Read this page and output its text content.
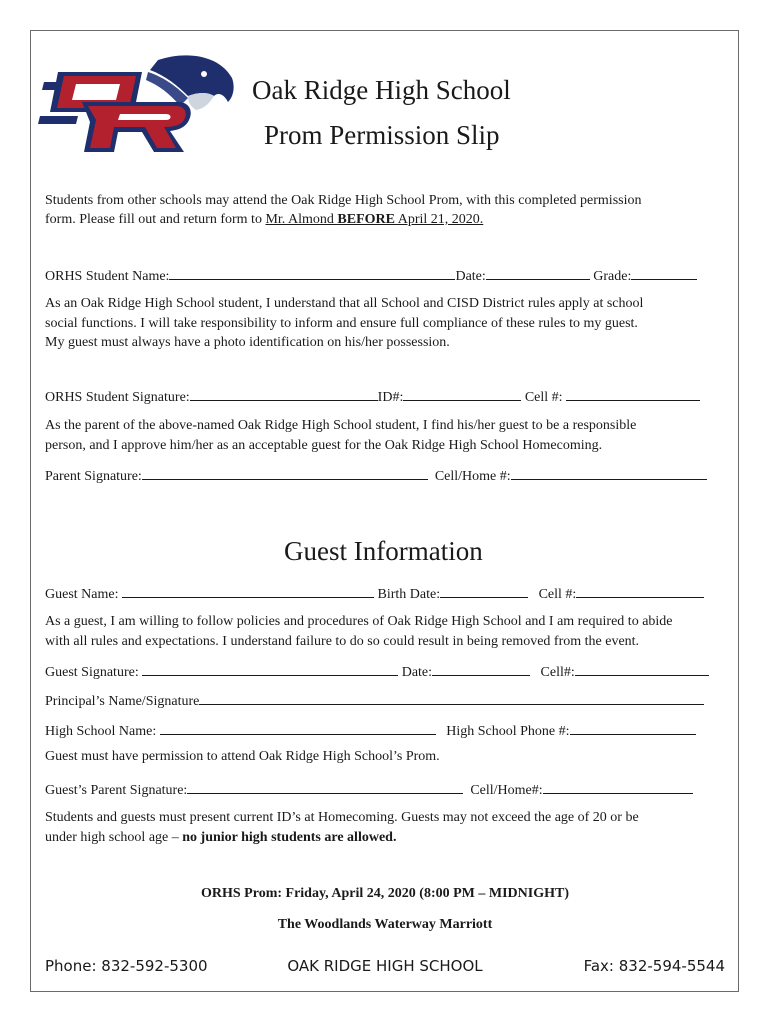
Oak Ridge High School
Prom Permission Slip
Students from other schools may attend the Oak Ridge High School Prom, with this completed permission
form. Please fill out and return form to Mr. Almond BEFORE April 21, 2020.
ORHS Student Name:	Date:	Grade:
As an Oak Ridge High School student, I understand that all School and CISD District rules apply at school
social functions. I will take responsibility to inform and ensure full compliance of these rules to my guest.
My guest must always have a photo identification on his/her possession.
ORHS Student Signature:	ID#:	Cell #:
As the parent of the above-named Oak Ridge High School student, I find his/her guest to be a responsible
person, and I approve him/her as an acceptable guest for the Oak Ridge High School Homecoming.
Parent Signature:	Cell/Home #:
Guest Information
Guest Name:	Birth Date:	Cell #:
As a guest, I am willing to follow policies and procedures of Oak Ridge High School and I am required to abide
with all rules and expectations. I understand failure to do so could result in being removed from the event.
Guest Signature:	Date:	Cell#:
Principal’s Name/Signature
High School Name:	High School Phone #:
Guest must have permission to attend Oak Ridge High School’s Prom.
Guest’s Parent Signature:	Cell/Home#:
Students and guests must present current ID’s at Homecoming. Guests may not exceed the age of 20 or be
under high school age – no junior high students are allowed.
ORHS Prom: Friday, April 24, 2020 (8:00 PM – MIDNIGHT)
The Woodlands Waterway Marriott
Phone: 832-592-5300	OAK RIDGE HIGH SCHOOL	Fax: 832-594-5544
